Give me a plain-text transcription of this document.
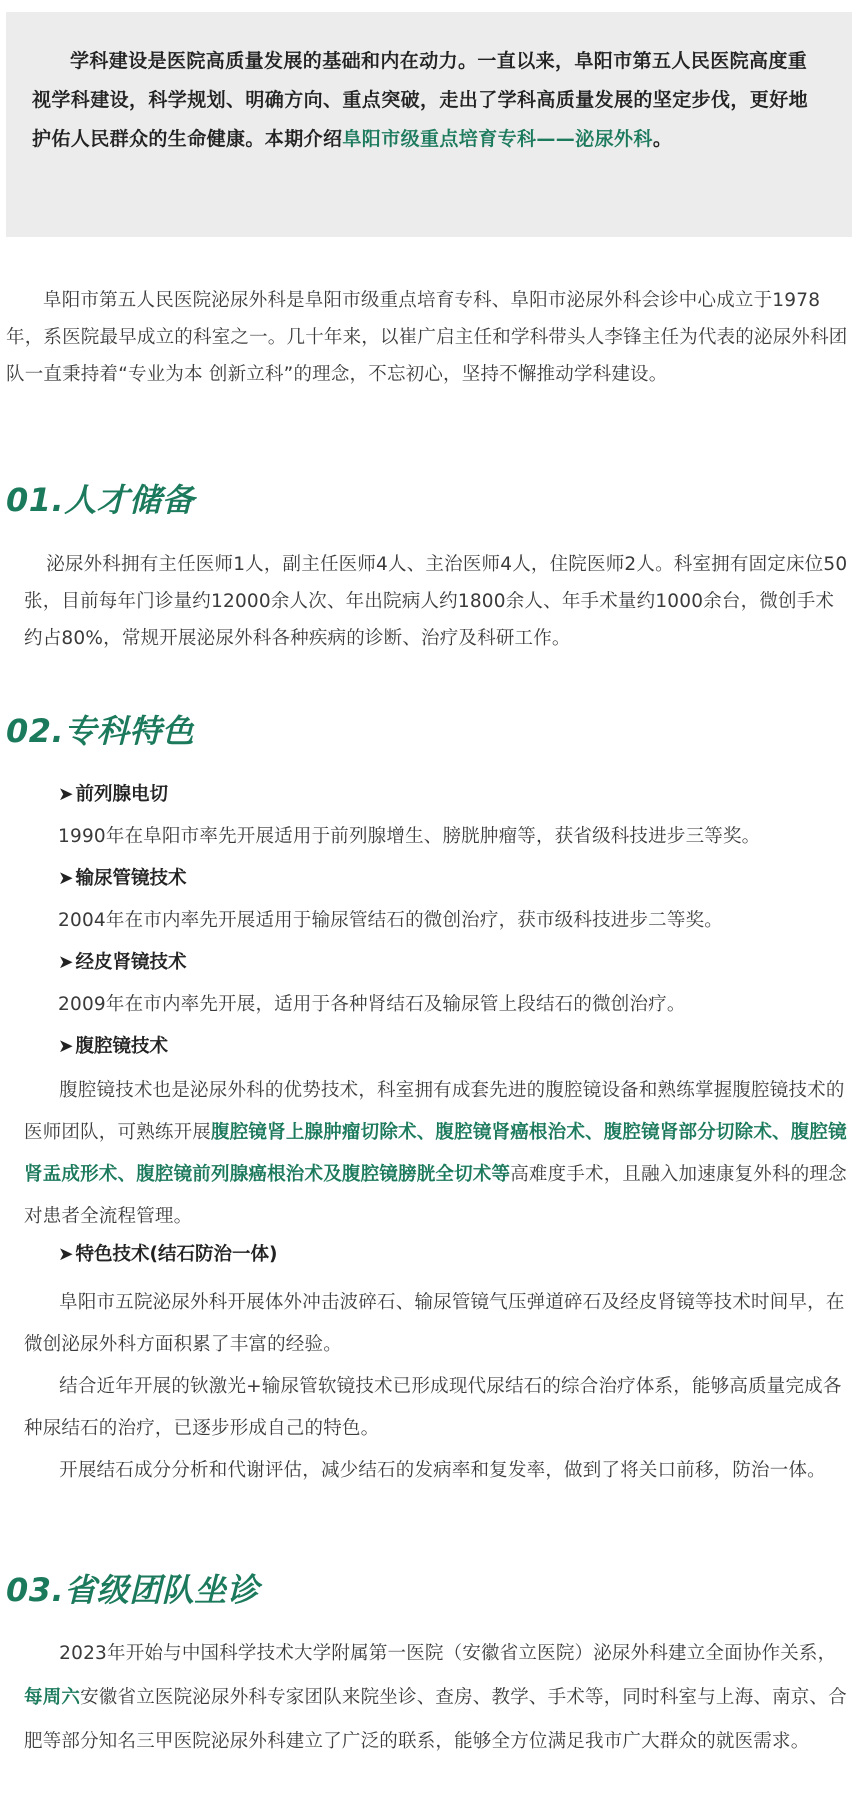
学科建设是医院高质量发展的基础和内在动力。一直以来，阜阳市第五人民医院高度重视学科建设，科学规划、明确方向、重点突破，走出了学科高质量发展的坚定步伐，更好地护佑人民群众的生命健康。本期介绍阜阳市级重点培育专科——泌尿外科。

阜阳市第五人民医院泌尿外科是阜阳市级重点培育专科、阜阳市泌尿外科会诊中心成立于1978年，系医院最早成立的科室之一。几十年来，以崔广启主任和学科带头人李锋主任为代表的泌尿外科团队一直秉持着“专业为本 创新立科”的理念，不忘初心，坚持不懈推动学科建设。

01.人才储备

泌尿外科拥有主任医师1人，副主任医师4人、主治医师4人，住院医师2人。科室拥有固定床位50张，目前每年门诊量约12000余人次、年出院病人约1800余人、年手术量约1000余台，微创手术约占80%，常规开展泌尿外科各种疾病的诊断、治疗及科研工作。

02.专科特色

➤ 前列腺电切

1990年在阜阳市率先开展适用于前列腺增生、膀胱肿瘤等，获省级科技进步三等奖。

➤ 输尿管镜技术

2004年在市内率先开展适用于输尿管结石的微创治疗，获市级科技进步二等奖。

➤ 经皮肾镜技术

2009年在市内率先开展，适用于各种肾结石及输尿管上段结石的微创治疗。

➤ 腹腔镜技术

腹腔镜技术也是泌尿外科的优势技术，科室拥有成套先进的腹腔镜设备和熟练掌握腹腔镜技术的医师团队，可熟练开展腹腔镜肾上腺肿瘤切除术、腹腔镜肾癌根治术、腹腔镜肾部分切除术、腹腔镜肾盂成形术、腹腔镜前列腺癌根治术及腹腔镜膀胱全切术等高难度手术，且融入加速康复外科的理念对患者全流程管理。

➤ 特色技术(结石防治一体)

阜阳市五院泌尿外科开展体外冲击波碎石、输尿管镜气压弹道碎石及经皮肾镜等技术时间早，在微创泌尿外科方面积累了丰富的经验。

结合近年开展的钬激光+输尿管软镜技术已形成现代尿结石的综合治疗体系，能够高质量完成各种尿结石的治疗，已逐步形成自己的特色。

开展结石成分分析和代谢评估，减少结石的发病率和复发率，做到了将关口前移，防治一体。

03.省级团队坐诊

2023年开始与中国科学技术大学附属第一医院（安徽省立医院）泌尿外科建立全面协作关系，每周六安徽省立医院泌尿外科专家团队来院坐诊、查房、教学、手术等，同时科室与上海、南京、合肥等部分知名三甲医院泌尿外科建立了广泛的联系，能够全方位满足我市广大群众的就医需求。
